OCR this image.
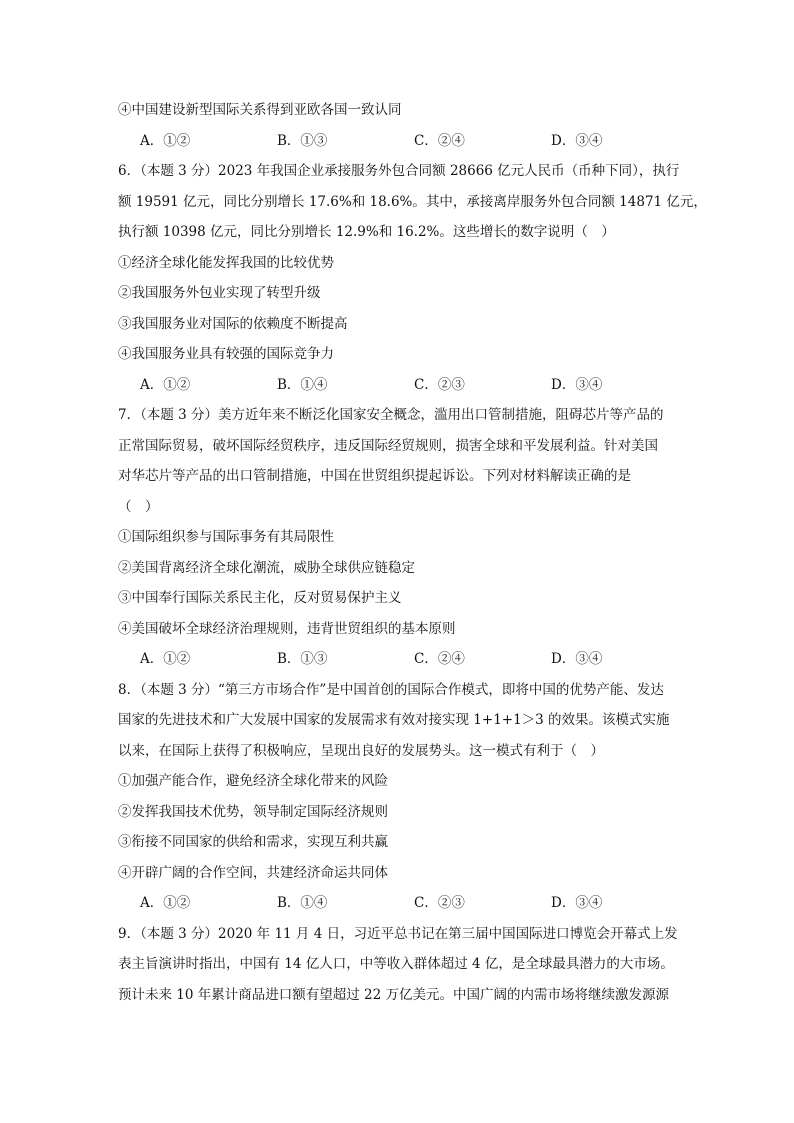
④中国建设新型国际关系得到亚欧各国一致认同

A．①②	B．①③	C．②④	D．③④

6．（本题 3 分）2023 年我国企业承接服务外包合同额 28666 亿元人民币（币种下同），执行

额 19591 亿元，同比分别增长 17.6%和 18.6%。其中，承接离岸服务外包合同额 14871 亿元，

执行额 10398 亿元，同比分别增长 12.9%和 16.2%。这些增长的数字说明（　）

①经济全球化能发挥我国的比较优势

②我国服务外包业实现了转型升级

③我国服务业对国际的依赖度不断提高

④我国服务业具有较强的国际竞争力

A．①②	B．①④	C．②③	D．③④

7．（本题 3 分）美方近年来不断泛化国家安全概念，滥用出口管制措施，阻碍芯片等产品的

正常国际贸易，破坏国际经贸秩序，违反国际经贸规则，损害全球和平发展利益。针对美国

对华芯片等产品的出口管制措施，中国在世贸组织提起诉讼。下列对材料解读正确的是

（　）

①国际组织参与国际事务有其局限性

②美国背离经济全球化潮流，威胁全球供应链稳定

③中国奉行国际关系民主化，反对贸易保护主义

④美国破坏全球经济治理规则，违背世贸组织的基本原则

A．①②	B．①③	C．②④	D．③④

8．（本题 3 分）“第三方市场合作”是中国首创的国际合作模式，即将中国的优势产能、发达

国家的先进技术和广大发展中国家的发展需求有效对接实现 1+1+1＞3 的效果。该模式实施

以来，在国际上获得了积极响应，呈现出良好的发展势头。这一模式有利于（　）

①加强产能合作，避免经济全球化带来的风险

②发挥我国技术优势，领导制定国际经济规则

③衔接不同国家的供给和需求，实现互利共赢

④开辟广阔的合作空间，共建经济命运共同体

A．①②	B．①④	C．②③	D．③④

9．（本题 3 分）2020 年 11 月 4 日，习近平总书记在第三届中国国际进口博览会开幕式上发

表主旨演讲时指出，中国有 14 亿人口，中等收入群体超过 4 亿，是全球最具潜力的大市场。

预计未来 10 年累计商品进口额有望超过 22 万亿美元。中国广阔的内需市场将继续激发源源
